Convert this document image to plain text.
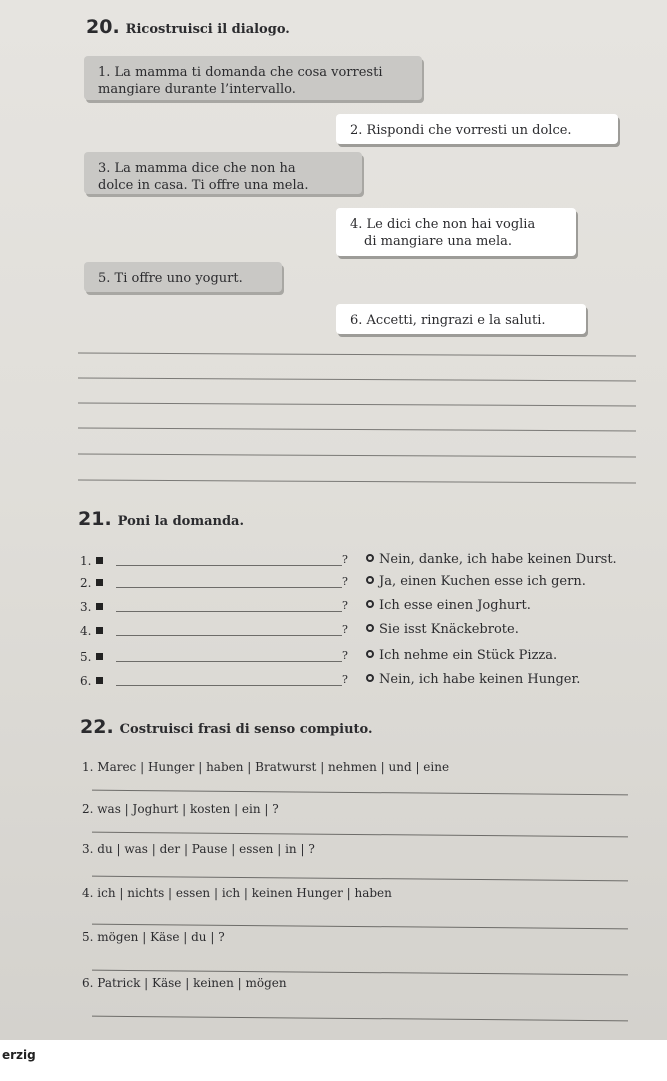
20. Ricostruisci il dialogo.
1. La mamma ti domanda che cosa vorresti
mangiare durante l’intervallo.
2. Rispondi che vorresti un dolce.
3. La mamma dice che non ha
dolce in casa. Ti offre una mela.
4. Le dici che non hai voglia
di mangiare una mela.
5. Ti offre uno yogurt.
6. Accetti, ringrazi e la saluti.
21. Poni la domanda.
1.	?	Nein, danke, ich habe keinen Durst.
2.	?	Ja, einen Kuchen esse ich gern.
3.	?	Ich esse einen Joghurt.
4.	?	Sie isst Knäckebrote.
5.	?	Ich nehme ein Stück Pizza.
6.	?	Nein, ich habe keinen Hunger.
22. Costruisci frasi di senso compiuto.
1. Marec | Hunger | haben | Bratwurst | nehmen | und | eine
2. was | Joghurt | kosten | ein | ?
3. du | was | der | Pause | essen | in | ?
4. ich | nichts | essen | ich | keinen Hunger | haben
5. mögen | Käse | du | ?
6. Patrick | Käse | keinen | mögen
erzig
